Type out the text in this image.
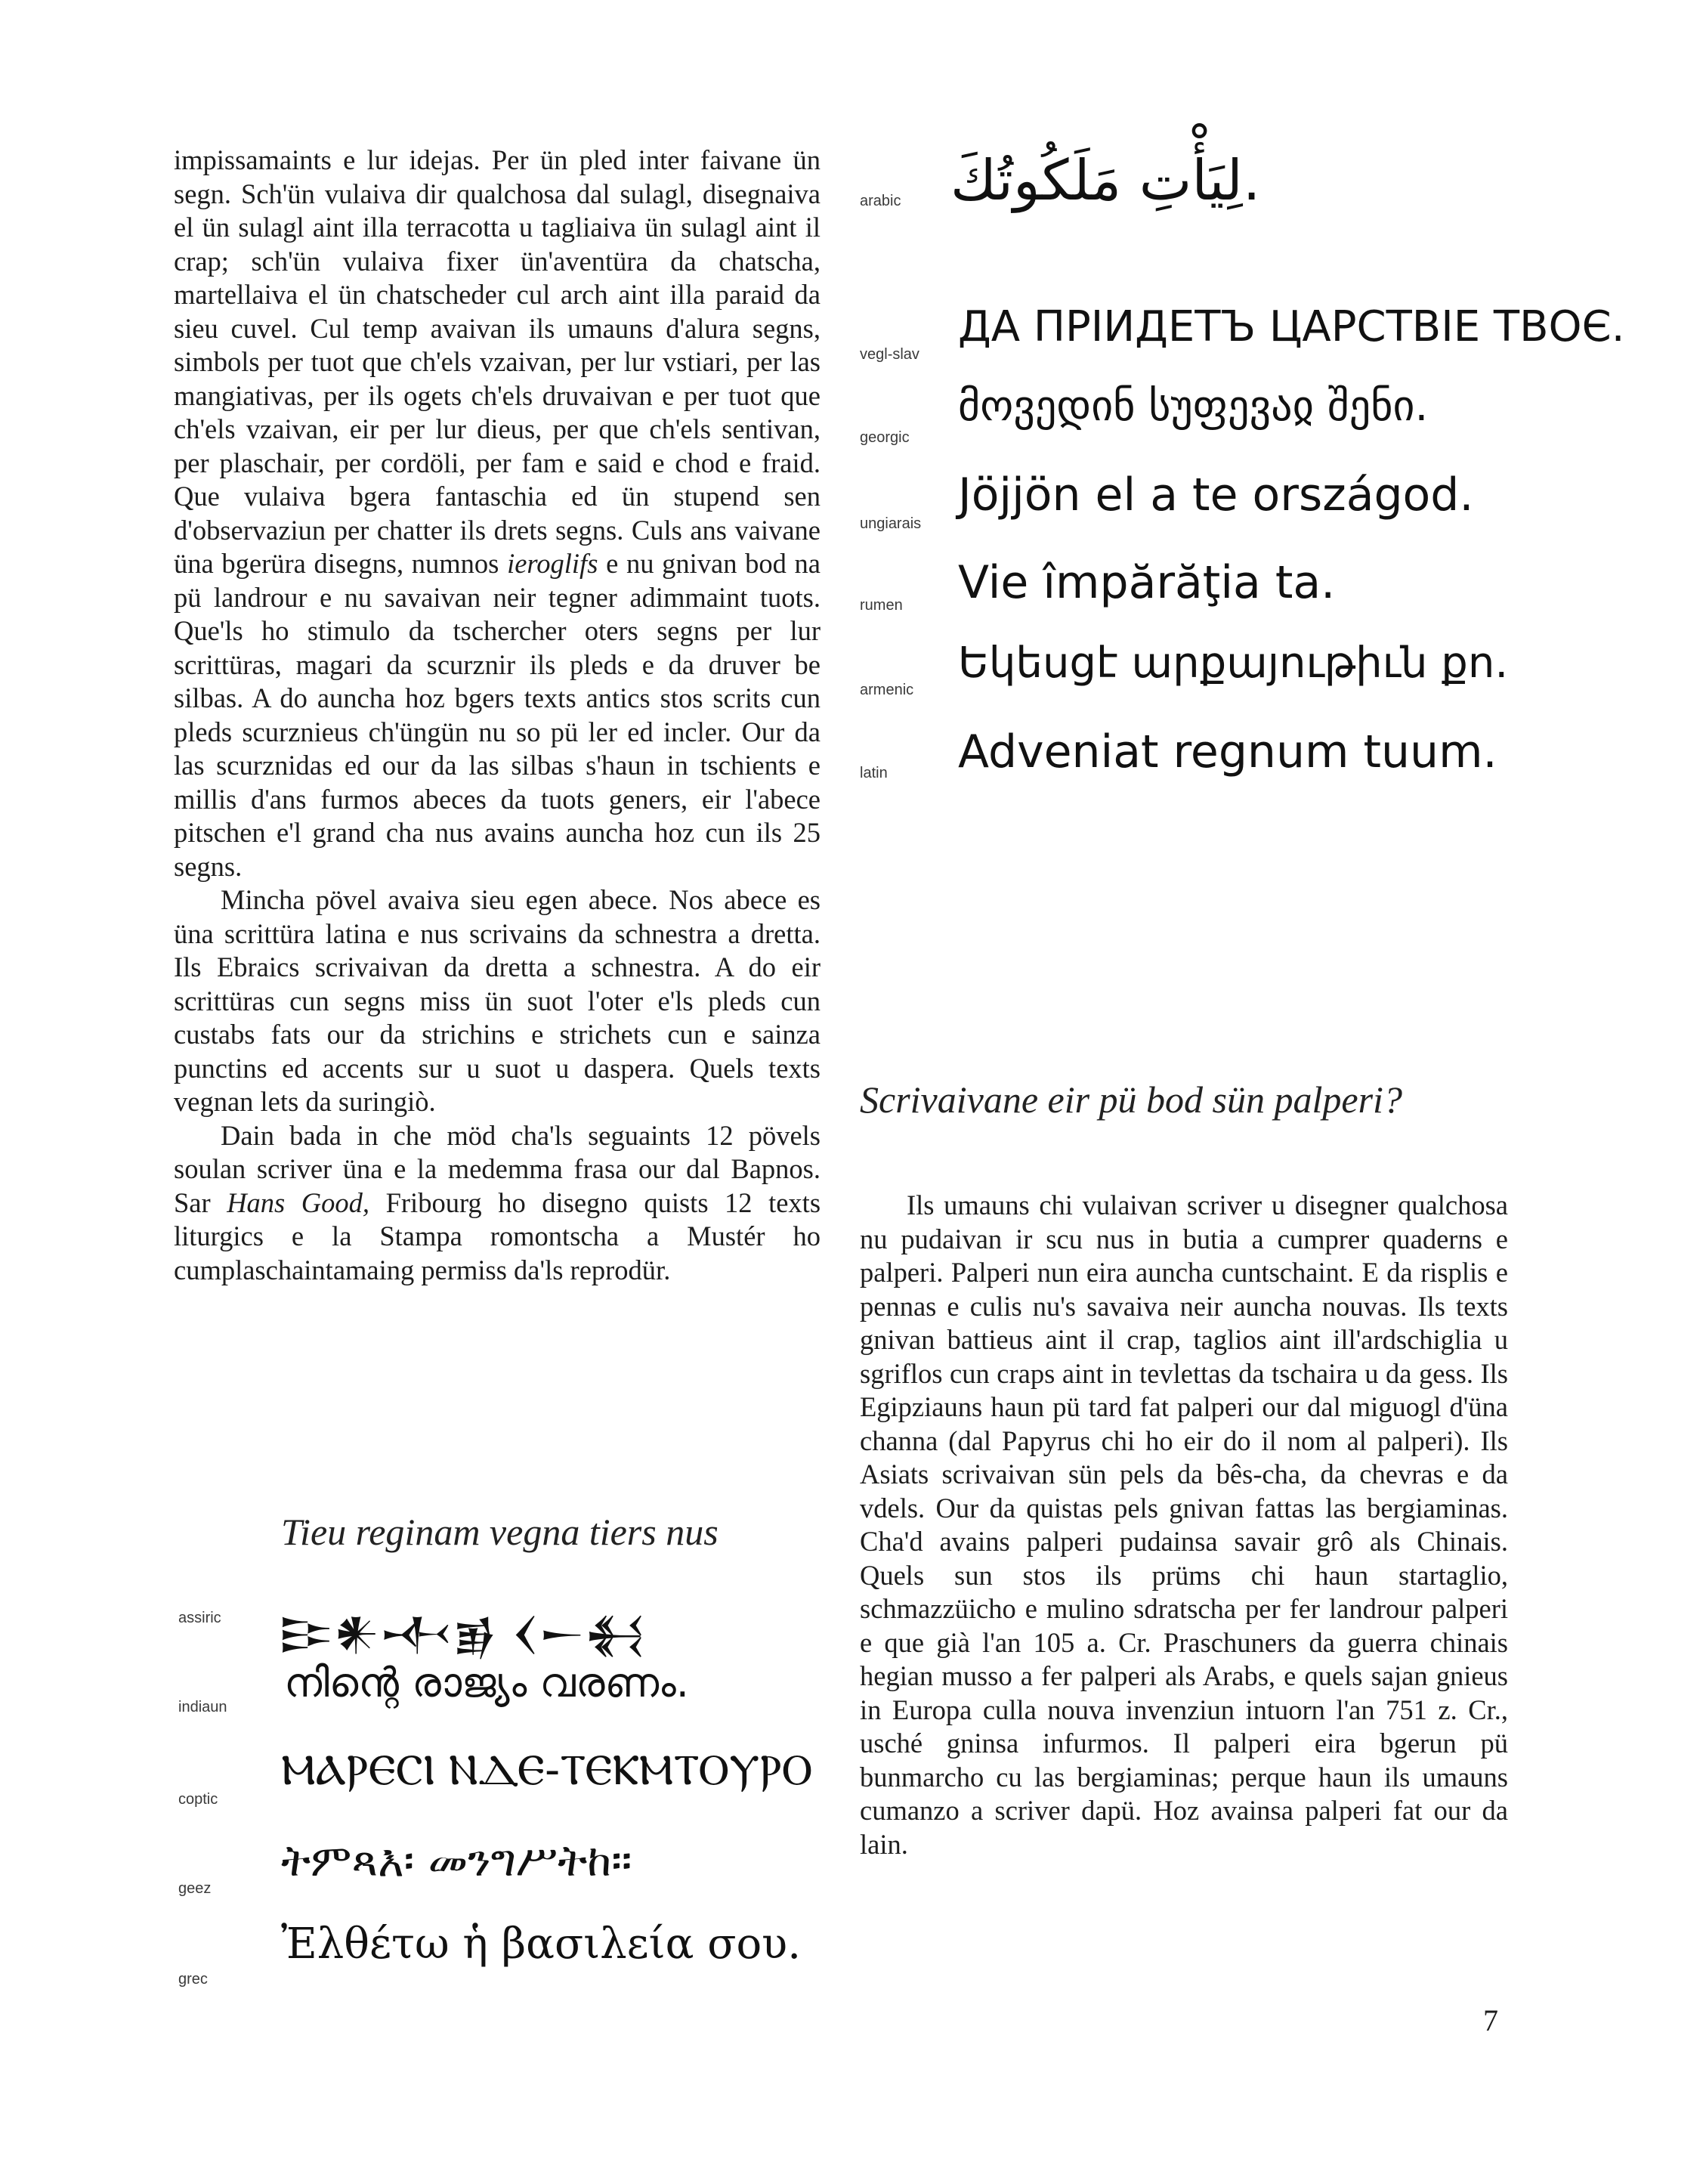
impissamaints e lur idejas. Per ün pled inter faivane ün segn. Sch'ün vulaiva dir qualchosa dal sulagl, disegnaiva el ün sulagl aint illa terracotta u tagliaiva ün sulagl aint il crap; sch'ün vulaiva fixer ün'aventüra da chatscha, martellaiva el ün chatscheder cul arch aint illa paraid da sieu cuvel. Cul temp avaivan ils umauns d'alura segns, simbols per tuot que ch'els vzaivan, per lur vstiari, per las mangiativas, per ils ogets ch'els druvaivan e per tuot que ch'els vzaivan, eir per lur dieus, per que ch'els sentivan, per plaschair, per cordöli, per fam e said e chod e fraid. Que vulaiva bgera fantaschia ed ün stupend sen d'observaziun per chatter ils drets segns. Culs ans vaivane üna bgerüra disegns, numnos ieroglifs e nu gnivan bod na pü landrour e nu savaivan neir tegner adimmaint tuots. Que'ls ho stimulo da tschercher oters segns per lur scrittüras, magari da scurznir ils pleds e da druver be silbas. A do auncha hoz bgers texts antics stos scrits cun pleds scurznieus ch'üngün nu so pü ler ed incler. Our da las scurznidas ed our da las silbas s'haun in tschients e millis d'ans furmos abeces da tuots geners, eir l'abece pitschen e'l grand cha nus avains auncha hoz cun ils 25 segns.

Mincha pövel avaiva sieu egen abece. Nos abece es üna scrittüra latina e nus scrivains da schnestra a dretta. Ils Ebraics scrivaivan da dretta a schnestra. A do eir scrittüras cun segns miss ün suot l'oter e'ls pleds cun custabs fats our da strichins e strichets cun e sainza punctins ed accents sur u suot u daspera. Quels texts vegnan lets da suringiò.

Dain bada in che möd cha'ls seguaints 12 pövels soulan scriver üna e la medemma frasa our dal Bapnos. Sar Hans Good, Fribourg ho disegno quists 12 texts liturgics e la Stampa romontscha a Mustér ho cumplaschaintamaing permiss da'ls reprodür.

Tieu reginam vegna tiers nus
assiric 𒄿𒀭𒋾𒂊 𒌋𒀸𒈬
indiaun
നിന്റെ രാജ്യം വരണം.
coptic
ⲘⲀⲢⲈⲤⲒ ⲚⲆⲈ-ⲦⲈⲔⲘⲦⲞⲨⲢⲞ
geez
ትምጻእ፡ መንግሥትከ።
grec
Ἐλθέτω ἡ βασιλεία σου.
arabic لِيَأْتِ مَلَكُوتُكَ.
vegl-slav
ДА ПРІИДЕТЪ ЦАРСТВІЕ ТВОЄ.
georgic
მოვედინ სუფევაჲ შენი.
ungiarais
Jöjjön el a te országod.
rumen Vie împărăţia ta.
armenic
Եկեսցէ արքայութիւն քո.
latin Adveniat regnum tuum.
Scrivaivane eir pü bod sün palperi?

Ils umauns chi vulaivan scriver u disegner qualchosa nu pudaivan ir scu nus in butia a cumprer quaderns e palperi. Palperi nun eira auncha cuntschaint. E da risplis e pennas e culis nu's savaiva neir auncha nouvas. Ils texts gnivan battieus aint il crap, taglios aint ill'ardschiglia u sgriflos cun craps aint in tevlettas da tschaira u da gess. Ils Egipziauns haun pü tard fat palperi our dal miguogl d'üna channa (dal Papyrus chi ho eir do il nom al palperi). Ils Asiats scrivaivan sün pels da bês-cha, da chevras e da vdels. Our da quistas pels gnivan fattas las bergiaminas. Cha'd avains palperi pudainsa savair grô als Chinais. Quels sun stos ils prüms chi haun startaglio, schmazzüicho e mulino sdratscha per fer landrour palperi e que già l'an 105 a. Cr. Praschuners da guerra chinais hegian musso a fer palperi als Arabs, e quels sajan gnieus in Europa culla nouva invenziun intuorn l'an 751 z. Cr., usché gninsa infurmos. Il palperi eira bgerun pü bunmarcho cu las bergiaminas; perque haun ils umauns cumanzo a scriver dapü. Hoz avainsa palperi fat our da lain.

7
